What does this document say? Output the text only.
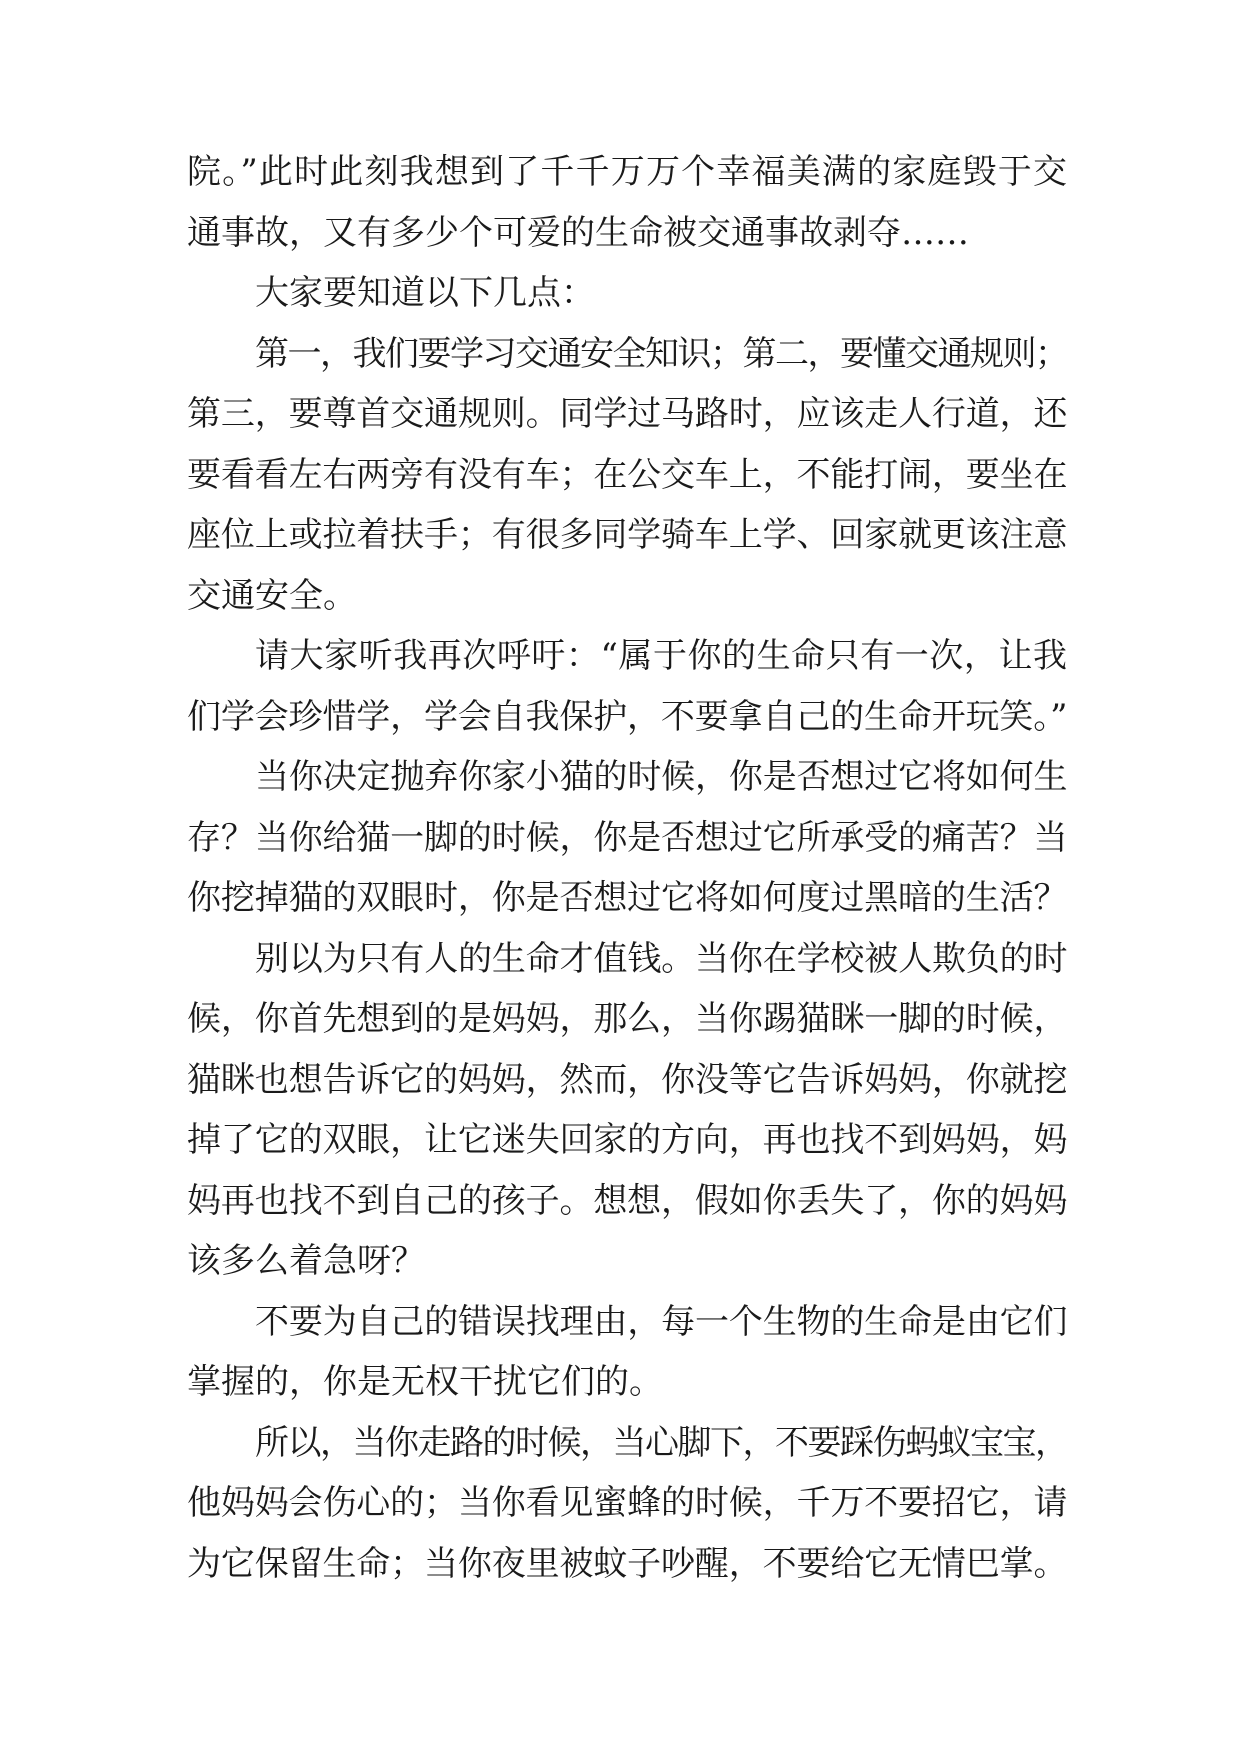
院。”此时此刻我想到了千千万万个幸福美满的家庭毁于交
通事故，又有多少个可爱的生命被交通事故剥夺……
大家要知道以下几点：
第一，我们要学习交通安全知识；第二，要懂交通规则；
第三，要尊首交通规则。同学过马路时，应该走人行道，还
要看看左右两旁有没有车；在公交车上，不能打闹，要坐在
座位上或拉着扶手；有很多同学骑车上学、回家就更该注意
交通安全。
请大家听我再次呼吁：“属于你的生命只有一次，让我
们学会珍惜学，学会自我保护，不要拿自己的生命开玩笑。”
当你决定抛弃你家小猫的时候，你是否想过它将如何生
存？当你给猫一脚的时候，你是否想过它所承受的痛苦？当
你挖掉猫的双眼时，你是否想过它将如何度过黑暗的生活？
别以为只有人的生命才值钱。当你在学校被人欺负的时
候，你首先想到的是妈妈，那么，当你踢猫眯一脚的时候，
猫眯也想告诉它的妈妈，然而，你没等它告诉妈妈，你就挖
掉了它的双眼，让它迷失回家的方向，再也找不到妈妈，妈
妈再也找不到自己的孩子。想想，假如你丢失了，你的妈妈
该多么着急呀？
不要为自己的错误找理由，每一个生物的生命是由它们
掌握的，你是无权干扰它们的。
所以，当你走路的时候，当心脚下，不要踩伤蚂蚁宝宝，
他妈妈会伤心的；当你看见蜜蜂的时候，千万不要招它，请
为它保留生命；当你夜里被蚊子吵醒，不要给它无情巴掌。
